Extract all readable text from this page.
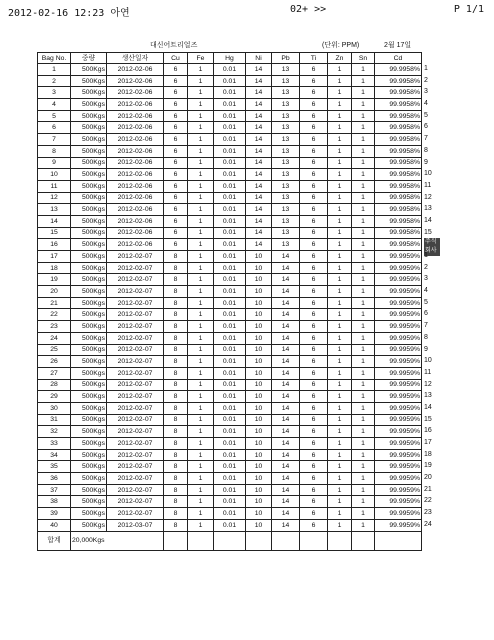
2012-02-16 12:23 아연	02+ >>	P 1/1
대신어트리얼즈	(단위: PPM)	2월 17일
Bag No.	중량	생산일자	Cu	Fe	Hg	Ni	Pb	Ti	Zn	Sn	Cd
1	500Kgs	2012-02-06	6	1	0.01	14	13	6	1	1	99.9958%
2	500Kgs	2012-02-06	6	1	0.01	14	13	6	1	1	99.9958%
3	500Kgs	2012-02-06	6	1	0.01	14	13	6	1	1	99.9958%
4	500Kgs	2012-02-06	6	1	0.01	14	13	6	1	1	99.9958%
5	500Kgs	2012-02-06	6	1	0.01	14	13	6	1	1	99.9958%
6	500Kgs	2012-02-06	6	1	0.01	14	13	6	1	1	99.9958%
7	500Kgs	2012-02-06	6	1	0.01	14	13	6	1	1	99.9958%
8	500Kgs	2012-02-06	6	1	0.01	14	13	6	1	1	99.9958%
9	500Kgs	2012-02-06	6	1	0.01	14	13	6	1	1	99.9958%
10	500Kgs	2012-02-06	6	1	0.01	14	13	6	1	1	99.9958%
11	500Kgs	2012-02-06	6	1	0.01	14	13	6	1	1	99.9958%
12	500Kgs	2012-02-06	6	1	0.01	14	13	6	1	1	99.9958%
13	500Kgs	2012-02-06	6	1	0.01	14	13	6	1	1	99.9958%
14	500Kgs	2012-02-06	6	1	0.01	14	13	6	1	1	99.9958%
15	500Kgs	2012-02-06	6	1	0.01	14	13	6	1	1	99.9958%
16	500Kgs	2012-02-06	6	1	0.01	14	13	6	1	1	99.9958%
17	500Kgs	2012-02-07	8	1	0.01	10	14	6	1	1	99.9959%
18	500Kgs	2012-02-07	8	1	0.01	10	14	6	1	1	99.9959%
19	500Kgs	2012-02-07	8	1	0.01	10	14	6	1	1	99.9959%
20	500Kgs	2012-02-07	8	1	0.01	10	14	6	1	1	99.9959%
21	500Kgs	2012-02-07	8	1	0.01	10	14	6	1	1	99.9959%
22	500Kgs	2012-02-07	8	1	0.01	10	14	6	1	1	99.9959%
23	500Kgs	2012-02-07	8	1	0.01	10	14	6	1	1	99.9959%
24	500Kgs	2012-02-07	8	1	0.01	10	14	6	1	1	99.9959%
25	500Kgs	2012-02-07	8	1	0.01	10	14	6	1	1	99.9959%
26	500Kgs	2012-02-07	8	1	0.01	10	14	6	1	1	99.9959%
27	500Kgs	2012-02-07	8	1	0.01	10	14	6	1	1	99.9959%
28	500Kgs	2012-02-07	8	1	0.01	10	14	6	1	1	99.9959%
29	500Kgs	2012-02-07	8	1	0.01	10	14	6	1	1	99.9959%
30	500Kgs	2012-02-07	8	1	0.01	10	14	6	1	1	99.9959%
31	500Kgs	2012-02-07	8	1	0.01	10	14	6	1	1	99.9959%
32	500Kgs	2012-02-07	8	1	0.01	10	14	6	1	1	99.9959%
33	500Kgs	2012-02-07	8	1	0.01	10	14	6	1	1	99.9959%
34	500Kgs	2012-02-07	8	1	0.01	10	14	6	1	1	99.9959%
35	500Kgs	2012-02-07	8	1	0.01	10	14	6	1	1	99.9959%
36	500Kgs	2012-02-07	8	1	0.01	10	14	6	1	1	99.9959%
37	500Kgs	2012-02-07	8	1	0.01	10	14	6	1	1	99.9959%
38	500Kgs	2012-02-07	8	1	0.01	10	14	6	1	1	99.9959%
39	500Kgs	2012-02-07	8	1	0.01	10	14	6	1	1	99.9959%
40	500Kgs	2012-03-07	8	1	0.01	10	14	6	1	1	99.9959%
합계	20,000Kgs										
1
2
3
4
5
6
7
8
9
10
11
12
13
14
15
주식회사
1
2
3
4
5
6
7
8
9
10
11
12
13
14
15
16
17
18
19
20
21
22
23
24
